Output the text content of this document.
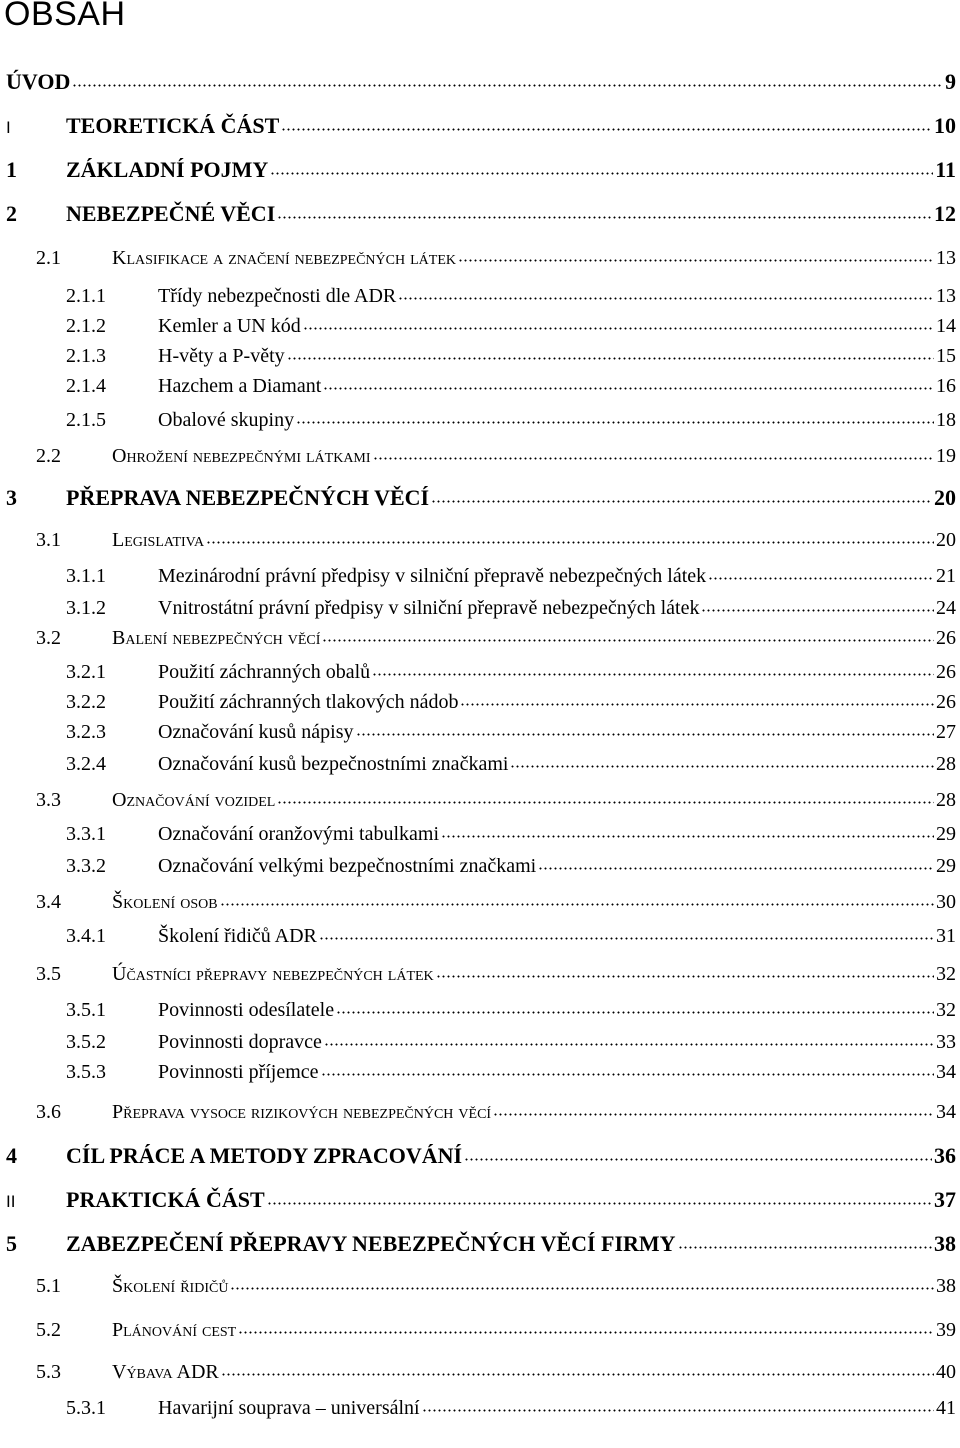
OBSAH
ÚVOD	9
I	TEORETICKÁ ČÁST	10
1 ZÁKLADNÍ POJMY	11
2 NEBEZPEČNÉ VĚCI	12
2.1	Klasifikace a značení nebezpečných látek	13
2.1.1	Třídy nebezpečnosti dle ADR	13
2.1.2	Kemler a UN kód	14
2.1.3	H-věty a P-věty	15
2.1.4	Hazchem a Diamant	16
2.1.5	Obalové skupiny	18
2.2	Ohrožení nebezpečnými látkami	19
3 PŘEPRAVA NEBEZPEČNÝCH VĚCÍ	20
3.1	Legislativa	20
3.1.1	Mezinárodní právní předpisy v silniční přepravě nebezpečných látek	21
3.1.2	Vnitrostátní právní předpisy v silniční přepravě nebezpečných látek	24
3.2	Balení nebezpečných věcí	26
3.2.1	Použití záchranných obalů	26
3.2.2	Použití záchranných tlakových nádob	26
3.2.3	Označování kusů nápisy	27
3.2.4	Označování kusů bezpečnostními značkami	28
3.3	Označování vozidel	28
3.3.1	Označování oranžovými tabulkami	29
3.3.2	Označování velkými bezpečnostními značkami	29
3.4	Školení osob	30
3.4.1	Školení řidičů ADR	31
3.5	Účastníci přepravy nebezpečných látek	32
3.5.1	Povinnosti odesílatele	32
3.5.2	Povinnosti dopravce	33
3.5.3	Povinnosti příjemce	34
3.6	Přeprava vysoce rizikových nebezpečných věcí	34
4 CÍL PRÁCE A METODY ZPRACOVÁNÍ	36
II PRAKTICKÁ ČÁST	37
5 ZABEZPEČENÍ PŘEPRAVY NEBEZPEČNÝCH VĚCÍ FIRMY	38
5.1	Školení řidičů	38
5.2	Plánování cest	39
5.3	Výbava ADR	40
5.3.1	Havarijní souprava – universální	41
